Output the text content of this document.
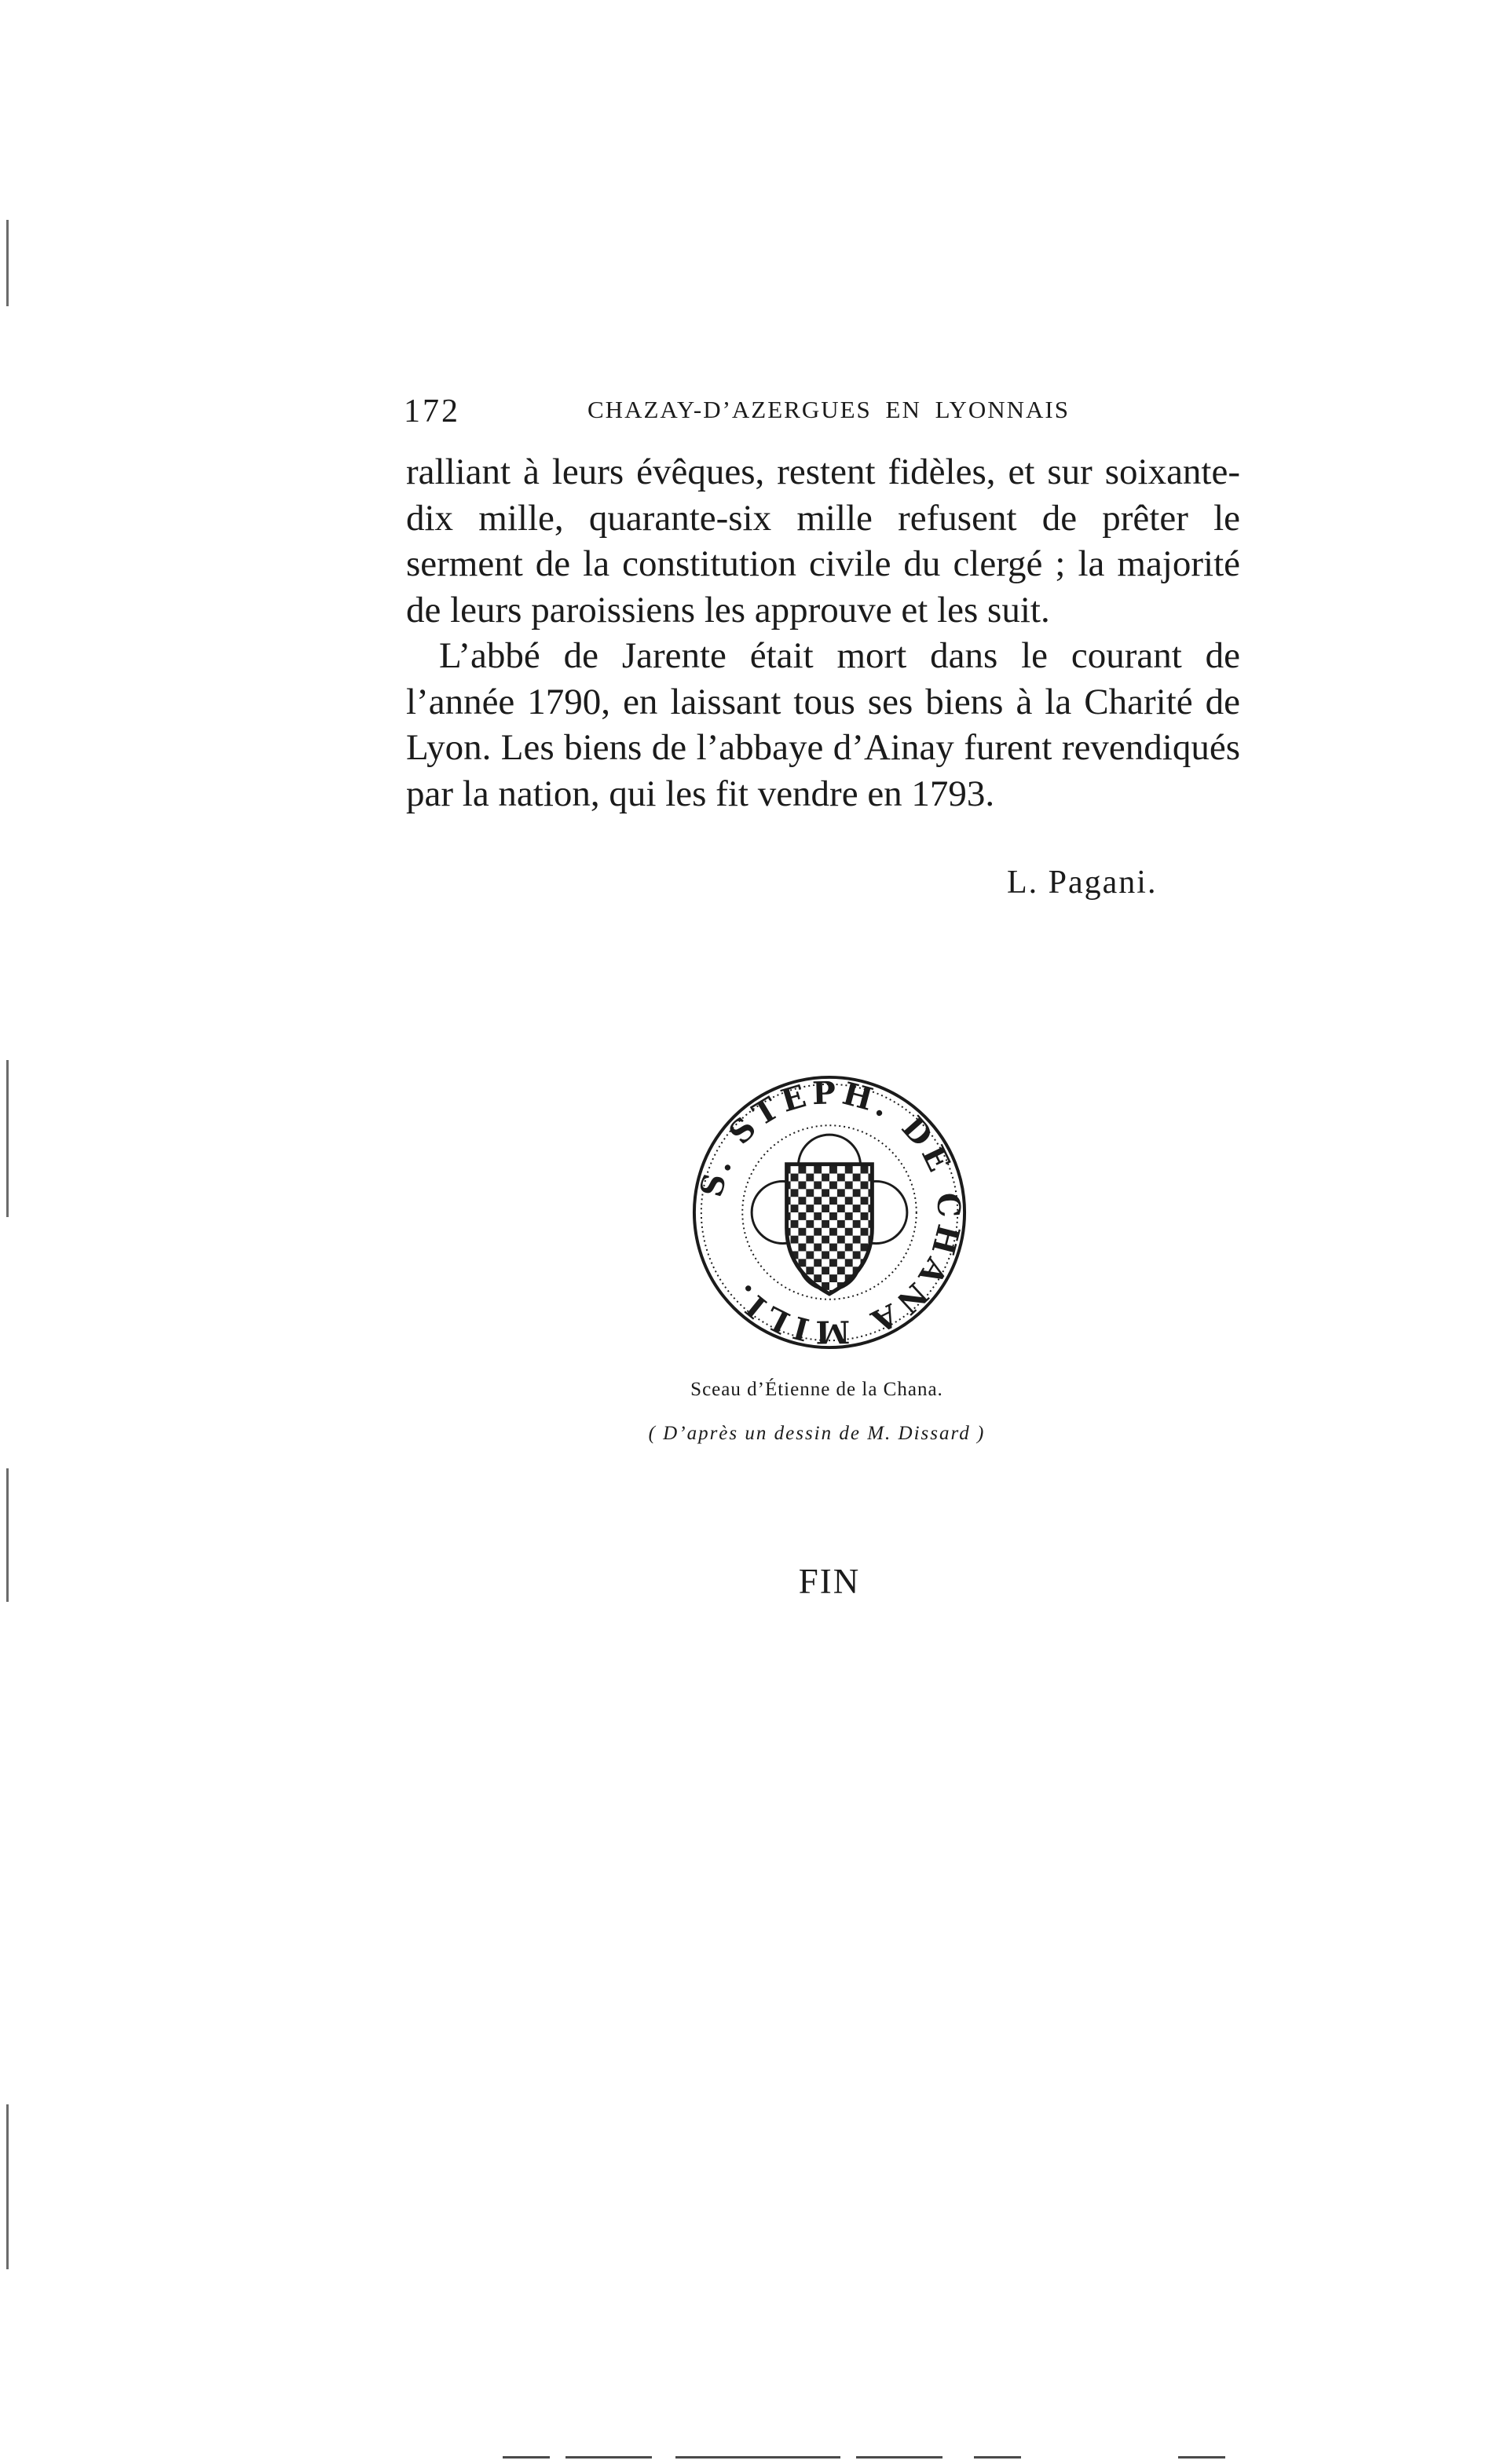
172	CHAZAY-D’AZERGUES EN LYONNAIS

ralliant à leurs évêques, restent fidèles, et sur soixante-dix mille, quarante-six mille refusent de prêter le serment de la constitution civile du clergé ; la majorité de leurs paroissiens les approuve et les suit.

L’abbé de Jarente était mort dans le courant de l’année 1790, en laissant tous ses biens à la Charité de Lyon. Les biens de l’abbaye d’Ainay furent revendiqués par la nation, qui les fit vendre en 1793.

L. Pagani.
S. STEPH. DE CHANA MILI.

Sceau d’Étienne de la Chana.

( D’après un dessin de M. Dissard )

FIN
